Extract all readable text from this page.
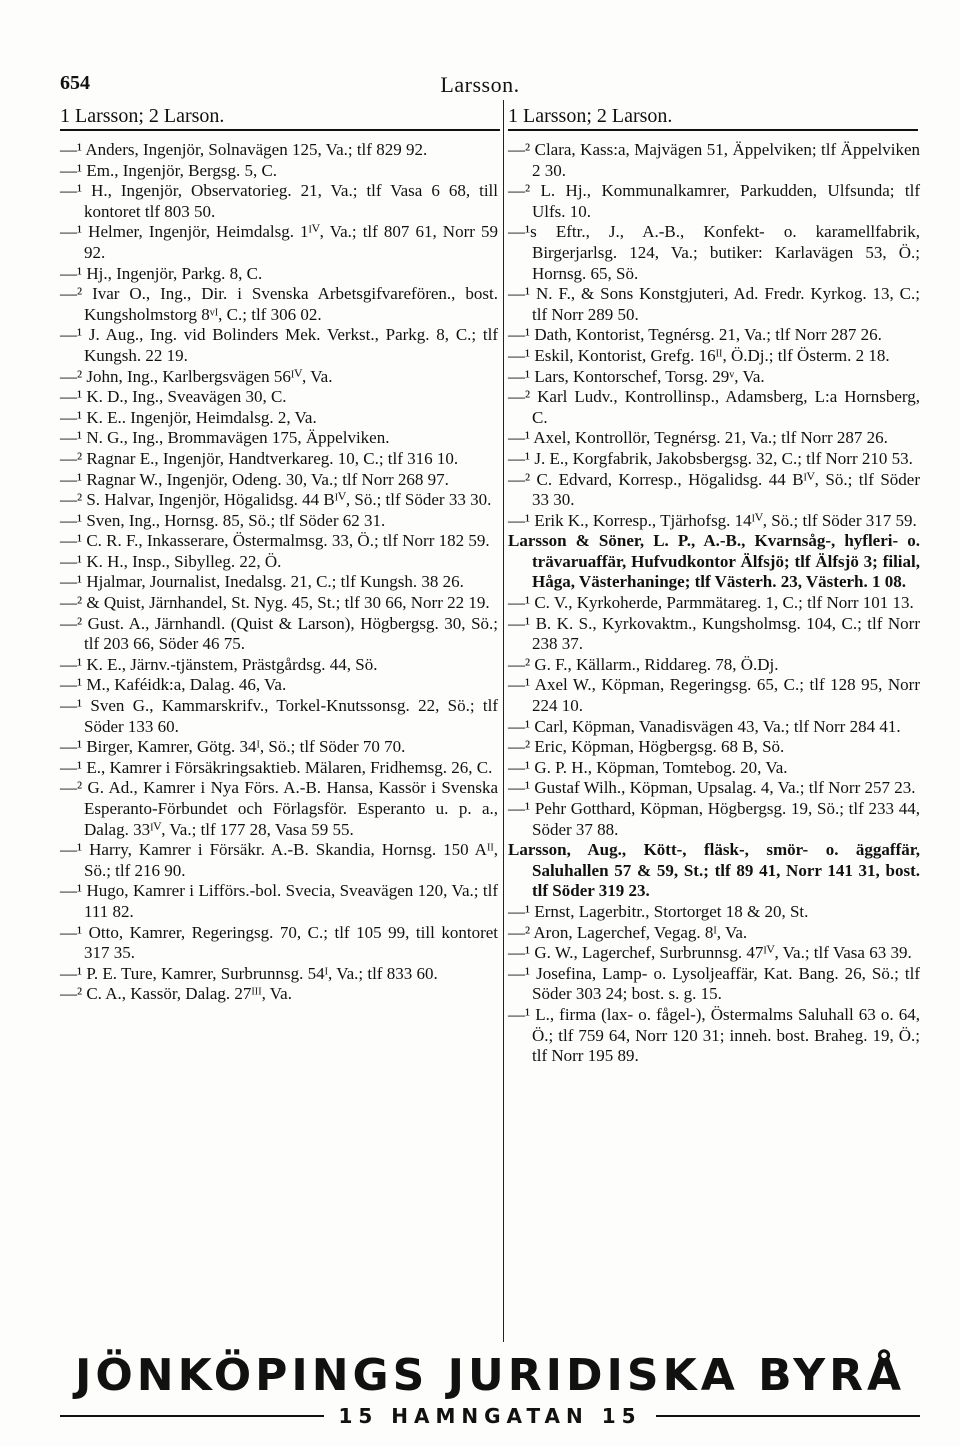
654	Larsson.
1 Larsson; 2 Larson.	1 Larsson; 2 Larson.

—¹ Anders, Ingenjör, Solnavägen 125, Va.; tlf 829 92.

—¹ Em., Ingenjör, Bergsg. 5, C.

—¹ H., Ingenjör, Observatorieg. 21, Va.; tlf Vasa 6 68, till kontoret tlf 803 50.

—¹ Helmer, Ingenjör, Heimdalsg. 1ᴵⱽ, Va.; tlf 807 61, Norr 59 92.

—¹ Hj., Ingenjör, Parkg. 8, C.

—² Ivar O., Ing., Dir. i Svenska Arbetsgifvarefören., bost. Kungsholmstorg 8ᵛᴵ, C.; tlf 306 02.

—¹ J. Aug., Ing. vid Bolinders Mek. Verkst., Parkg. 8, C.; tlf Kungsh. 22 19.

—² John, Ing., Karlbergsvägen 56ᴵⱽ, Va.

—¹ K. D., Ing., Sveavägen 30, C.

—¹ K. E.. Ingenjör, Heimdalsg. 2, Va.

—¹ N. G., Ing., Brommavägen 175, Äppelviken.

—² Ragnar E., Ingenjör, Handtverkareg. 10, C.; tlf 316 10.

—¹ Ragnar W., Ingenjör, Odeng. 30, Va.; tlf Norr 268 97.

—² S. Halvar, Ingenjör, Högalidsg. 44 Bᴵⱽ, Sö.; tlf Söder 33 30.

—¹ Sven, Ing., Hornsg. 85, Sö.; tlf Söder 62 31.

—¹ C. R. F., Inkasserare, Östermalmsg. 33, Ö.; tlf Norr 182 59.

—¹ K. H., Insp., Sibylleg. 22, Ö.

—¹ Hjalmar, Journalist, Inedalsg. 21, C.; tlf Kungsh. 38 26.

—² & Quist, Järnhandel, St. Nyg. 45, St.; tlf 30 66, Norr 22 19.

—² Gust. A., Järnhandl. (Quist & Larson), Högbergsg. 30, Sö.; tlf 203 66, Söder 46 75.

—¹ K. E., Järnv.-tjänstem, Prästgårdsg. 44, Sö.

—¹ M., Kaféidk:a, Dalag. 46, Va.

—¹ Sven G., Kammarskrifv., Torkel-Knutssonsg. 22, Sö.; tlf Söder 133 60.

—¹ Birger, Kamrer, Götg. 34ᴵ, Sö.; tlf Söder 70 70.

—¹ E., Kamrer i Försäkringsaktieb. Mälaren, Fridhemsg. 26, C.

—² G. Ad., Kamrer i Nya Förs. A.-B. Hansa, Kassör i Svenska Esperanto-Förbundet och Förlagsför. Esperanto u. p. a., Dalag. 33ᴵⱽ, Va.; tlf 177 28, Vasa 59 55.

—¹ Harry, Kamrer i Försäkr. A.-B. Skandia, Hornsg. 150 Aᴵᴵ, Sö.; tlf 216 90.

—¹ Hugo, Kamrer i Lifförs.-bol. Svecia, Sveavägen 120, Va.; tlf 111 82.

—¹ Otto, Kamrer, Regeringsg. 70, C.; tlf 105 99, till kontoret 317 35.

—¹ P. E. Ture, Kamrer, Surbrunnsg. 54ᴵ, Va.; tlf 833 60.

—² C. A., Kassör, Dalag. 27ᴵᴵᴵ, Va.

—² Clara, Kass:a, Majvägen 51, Äppelviken; tlf Äppelviken 2 30.

—² L. Hj., Kommunalkamrer, Parkudden, Ulfsunda; tlf Ulfs. 10.

—¹s Eftr., J., A.-B., Konfekt- o. karamellfabrik, Birgerjarlsg. 124, Va.; butiker: Karlavägen 53, Ö.; Hornsg. 65, Sö.

—¹ N. F., & Sons Konstgjuteri, Ad. Fredr. Kyrkog. 13, C.; tlf Norr 289 50.

—¹ Dath, Kontorist, Tegnérsg. 21, Va.; tlf Norr 287 26.

—¹ Eskil, Kontorist, Grefg. 16ᴵᴵ, Ö.Dj.; tlf Österm. 2 18.

—¹ Lars, Kontorschef, Torsg. 29ᵛ, Va.

—² Karl Ludv., Kontrollinsp., Adamsberg, L:a Hornsberg, C.

—¹ Axel, Kontrollör, Tegnérsg. 21, Va.; tlf Norr 287 26.

—¹ J. E., Korgfabrik, Jakobsbergsg. 32, C.; tlf Norr 210 53.

—² C. Edvard, Korresp., Högalidsg. 44 Bᴵⱽ, Sö.; tlf Söder 33 30.

—¹ Erik K., Korresp., Tjärhofsg. 14ᴵⱽ, Sö.; tlf Söder 317 59.

Larsson & Söner, L. P., A.-B., Kvarnsåg-, hyfleri- o. trävaruaffär, Hufvudkontor Älfsjö; tlf Älfsjö 3; filial, Håga, Västerhaninge; tlf Västerh. 23, Västerh. 1 08.

—¹ C. V., Kyrkoherde, Parmmätareg. 1, C.; tlf Norr 101 13.

—¹ B. K. S., Kyrkovaktm., Kungsholmsg. 104, C.; tlf Norr 238 37.

—² G. F., Källarm., Riddareg. 78, Ö.Dj.

—¹ Axel W., Köpman, Regeringsg. 65, C.; tlf 128 95, Norr 224 10.

—¹ Carl, Köpman, Vanadisvägen 43, Va.; tlf Norr 284 41.

—² Eric, Köpman, Högbergsg. 68 B, Sö.

—¹ G. P. H., Köpman, Tomtebog. 20, Va.

—¹ Gustaf Wilh., Köpman, Upsalag. 4, Va.; tlf Norr 257 23.

—¹ Pehr Gotthard, Köpman, Högbergsg. 19, Sö.; tlf 233 44, Söder 37 88.

Larsson, Aug., Kött-, fläsk-, smör- o. äggaffär, Saluhallen 57 & 59, St.; tlf 89 41, Norr 141 31, bost. tlf Söder 319 23.

—¹ Ernst, Lagerbitr., Stortorget 18 & 20, St.

—² Aron, Lagerchef, Vegag. 8ᴵ, Va.

—¹ G. W., Lagerchef, Surbrunnsg. 47ᴵⱽ, Va.; tlf Vasa 63 39.

—¹ Josefina, Lamp- o. Lysoljeaffär, Kat. Bang. 26, Sö.; tlf Söder 303 24; bost. s. g. 15.

—¹ L., firma (lax- o. fågel-), Östermalms Saluhall 63 o. 64, Ö.; tlf 759 64, Norr 120 31; inneh. bost. Braheg. 19, Ö.; tlf Norr 195 89.

JÖNKÖPINGS JURIDISKA BYRÅ
15 HAMNGATAN 15
